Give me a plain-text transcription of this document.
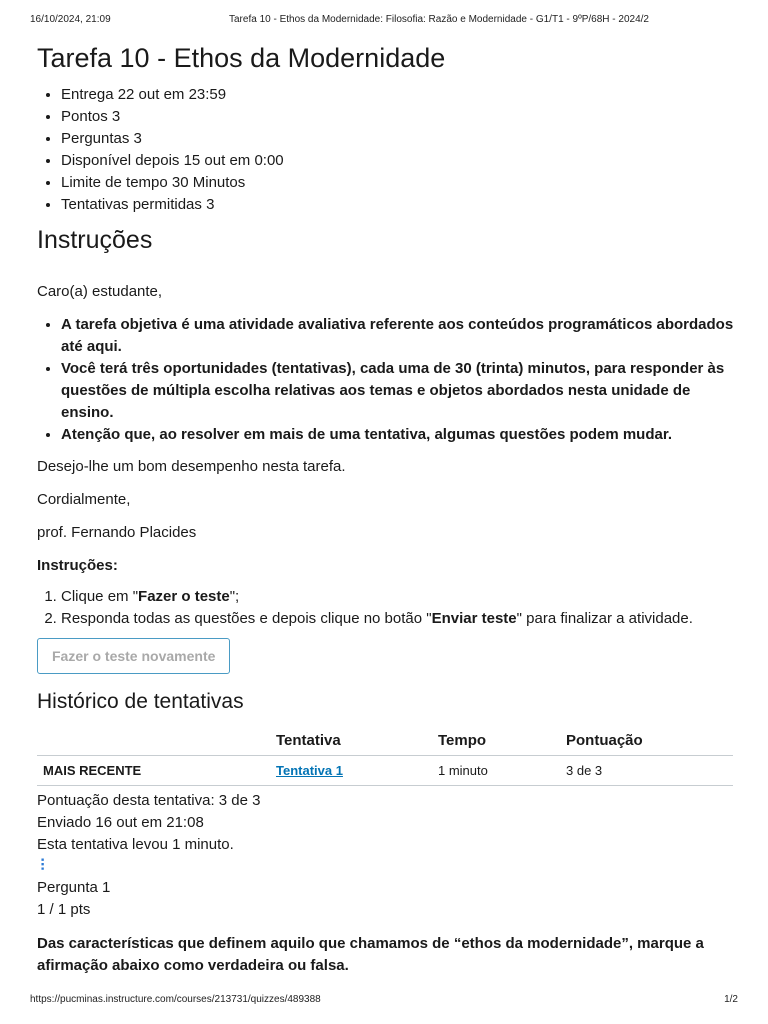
16/10/2024, 21:09	Tarefa 10 - Ethos da Modernidade: Filosofia: Razão e Modernidade - G1/T1 - 9ºP/68H - 2024/2
Tarefa 10 - Ethos da Modernidade
• Entrega 22 out em 23:59
• Pontos 3
• Perguntas 3
• Disponível depois 15 out em 0:00
• Limite de tempo 30 Minutos
• Tentativas permitidas 3
Instruções

Caro(a) estudante,

• A tarefa objetiva é uma atividade avaliativa referente aos conteúdos programáticos abordados até aqui.
• Você terá três oportunidades (tentativas), cada uma de 30 (trinta) minutos, para responder às questões de múltipla escolha relativas aos temas e objetos abordados nesta unidade de ensino.
• Atenção que, ao resolver em mais de uma tentativa, algumas questões podem mudar.

Desejo-lhe um bom desempenho nesta tarefa.

Cordialmente,

prof. Fernando Placides

Instruções:

1. Clique em "Fazer o teste";
2. Responda todas as questões e depois clique no botão "Enviar teste" para finalizar a atividade.
Fazer o teste novamente
Histórico de tentativas
	Tentativa	Tempo	Pontuação
MAIS RECENTE	Tentativa 1	1 minuto	3 de 3
Pontuação desta tentativa: 3 de 3
Enviado 16 out em 21:08
Esta tentativa levou 1 minuto.
⠇
Pergunta 1
1 / 1 pts
Das características que definem aquilo que chamamos de “ethos da modernidade”, marque a afirmação abaixo como verdadeira ou falsa.
https://pucminas.instructure.com/courses/213731/quizzes/489388	1/2
